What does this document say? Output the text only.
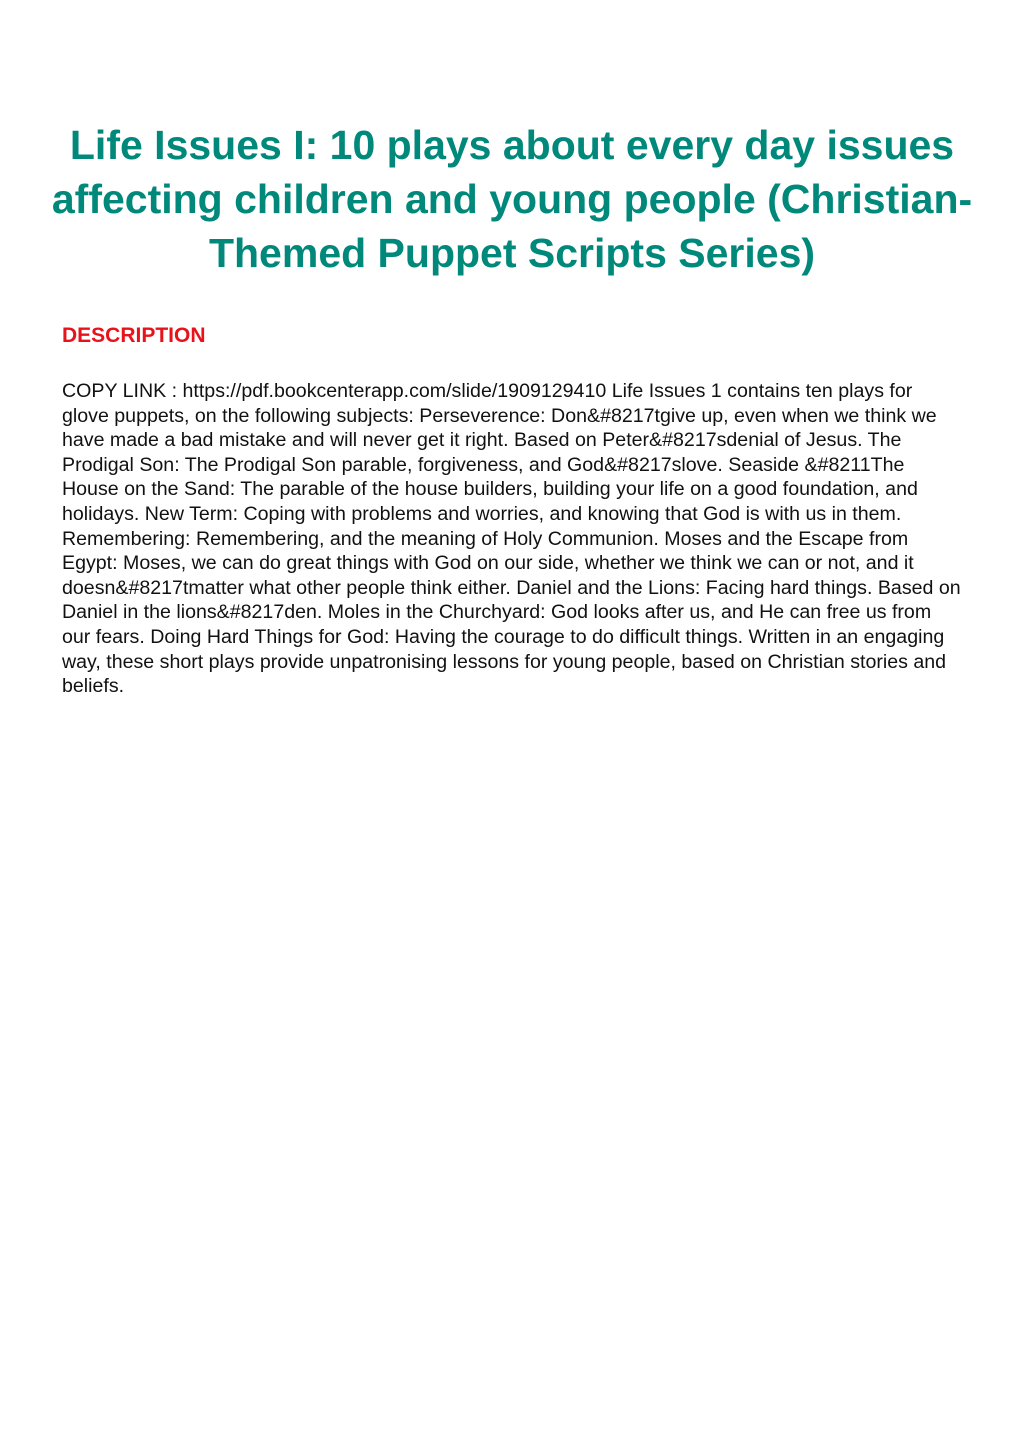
Life Issues I: 10 plays about every day issues affecting children and young people (Christian-Themed Puppet Scripts Series)
DESCRIPTION

COPY LINK : https://pdf.bookcenterapp.com/slide/1909129410 Life Issues 1 contains ten plays for glove puppets, on the following subjects: Perseverence: Don&#8217tgive up, even when we think we have made a bad mistake and will never get it right. Based on Peter&#8217sdenial of Jesus. The Prodigal Son: The Prodigal Son parable, forgiveness, and God&#8217slove. Seaside &#8211The House on the Sand: The parable of the house builders, building your life on a good foundation, and holidays. New Term: Coping with problems and worries, and knowing that God is with us in them. Remembering: Remembering, and the meaning of Holy Communion. Moses and the Escape from Egypt: Moses, we can do great things with God on our side, whether we think we can or not, and it doesn&#8217tmatter what other people think either. Daniel and the Lions: Facing hard things. Based on Daniel in the lions&#8217den. Moles in the Churchyard: God looks after us, and He can free us from our fears. Doing Hard Things for God: Having the courage to do difficult things. Written in an engaging way, these short plays provide unpatronising lessons for young people, based on Christian stories and beliefs.
